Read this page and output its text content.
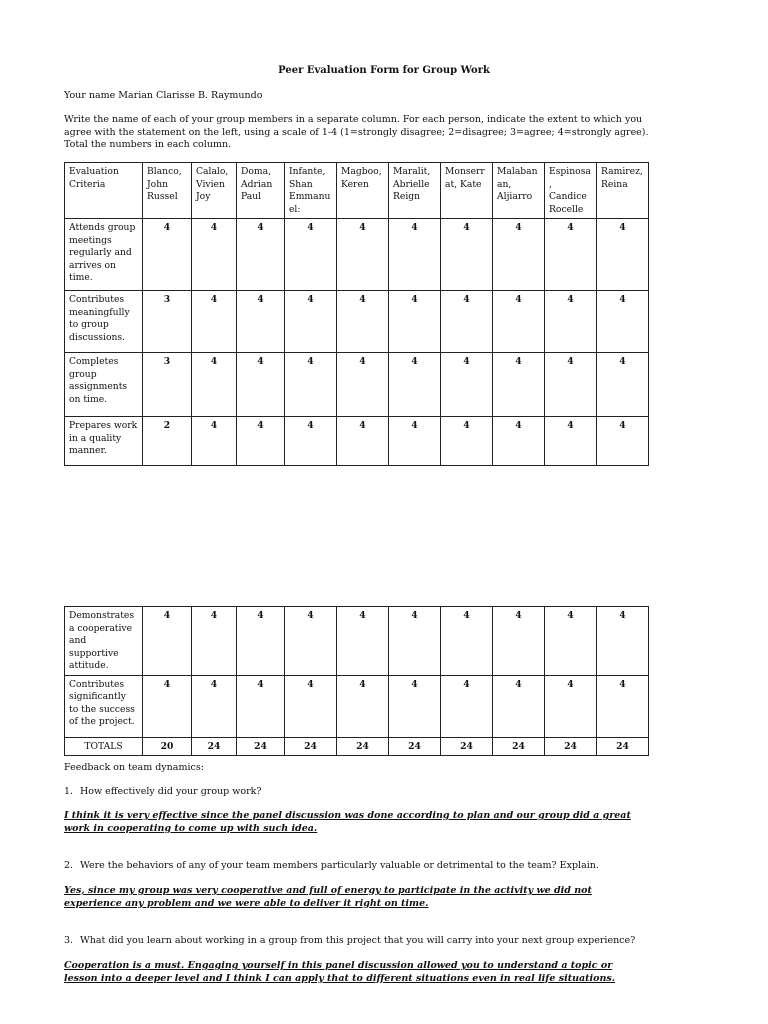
Peer Evaluation Form for Group Work
Your name Marian Clarisse B. Raymundo
Write the name of each of your group members in a separate column. For each person, indicate the extent to which you agree with the statement on the left, using a scale of 1-4 (1=strongly disagree; 2=disagree; 3=agree; 4=strongly agree). Total the numbers in each column.
Evaluation Criteria	Blanco, John Russel	Calalo, Vivien Joy	Doma, Adrian Paul	Infante, Shan Emmanu el:	Magboo, Keren	Maralit, Abrielle Reign	Monserr at, Kate	Malaban an, Aljiarro	Espinosa , Candice Rocelle	Ramirez, Reina
Attends group meetings regularly and arrives on time.	4	4	4	4	4	4	4	4	4	4
Contributes meaningfully to group discussions.	3	4	4	4	4	4	4	4	4	4
Completes group assignments on time.	3	4	4	4	4	4	4	4	4	4
Prepares work in a quality manner.	2	4	4	4	4	4	4	4	4	4
Demonstrates a cooperative and supportive attitude.	4	4	4	4	4	4	4	4	4	4
Contributes significantly to the success of the project.	4	4	4	4	4	4	4	4	4	4
TOTALS	20	24	24	24	24	24	24	24	24	24
Feedback on team dynamics:
1. How effectively did your group work?
I think it is very effective since the panel discussion was done according to plan and our group did a great work in cooperating to come up with such idea.
2. Were the behaviors of any of your team members particularly valuable or detrimental to the team? Explain.
Yes, since my group was very cooperative and full of energy to participate in the activity we did not experience any problem and we were able to deliver it right on time.
3. What did you learn about working in a group from this project that you will carry into your next group experience?
Cooperation is a must. Engaging yourself in this panel discussion allowed you to understand a topic or lesson into a deeper level and I think I can apply that to different situations even in real life situations.
